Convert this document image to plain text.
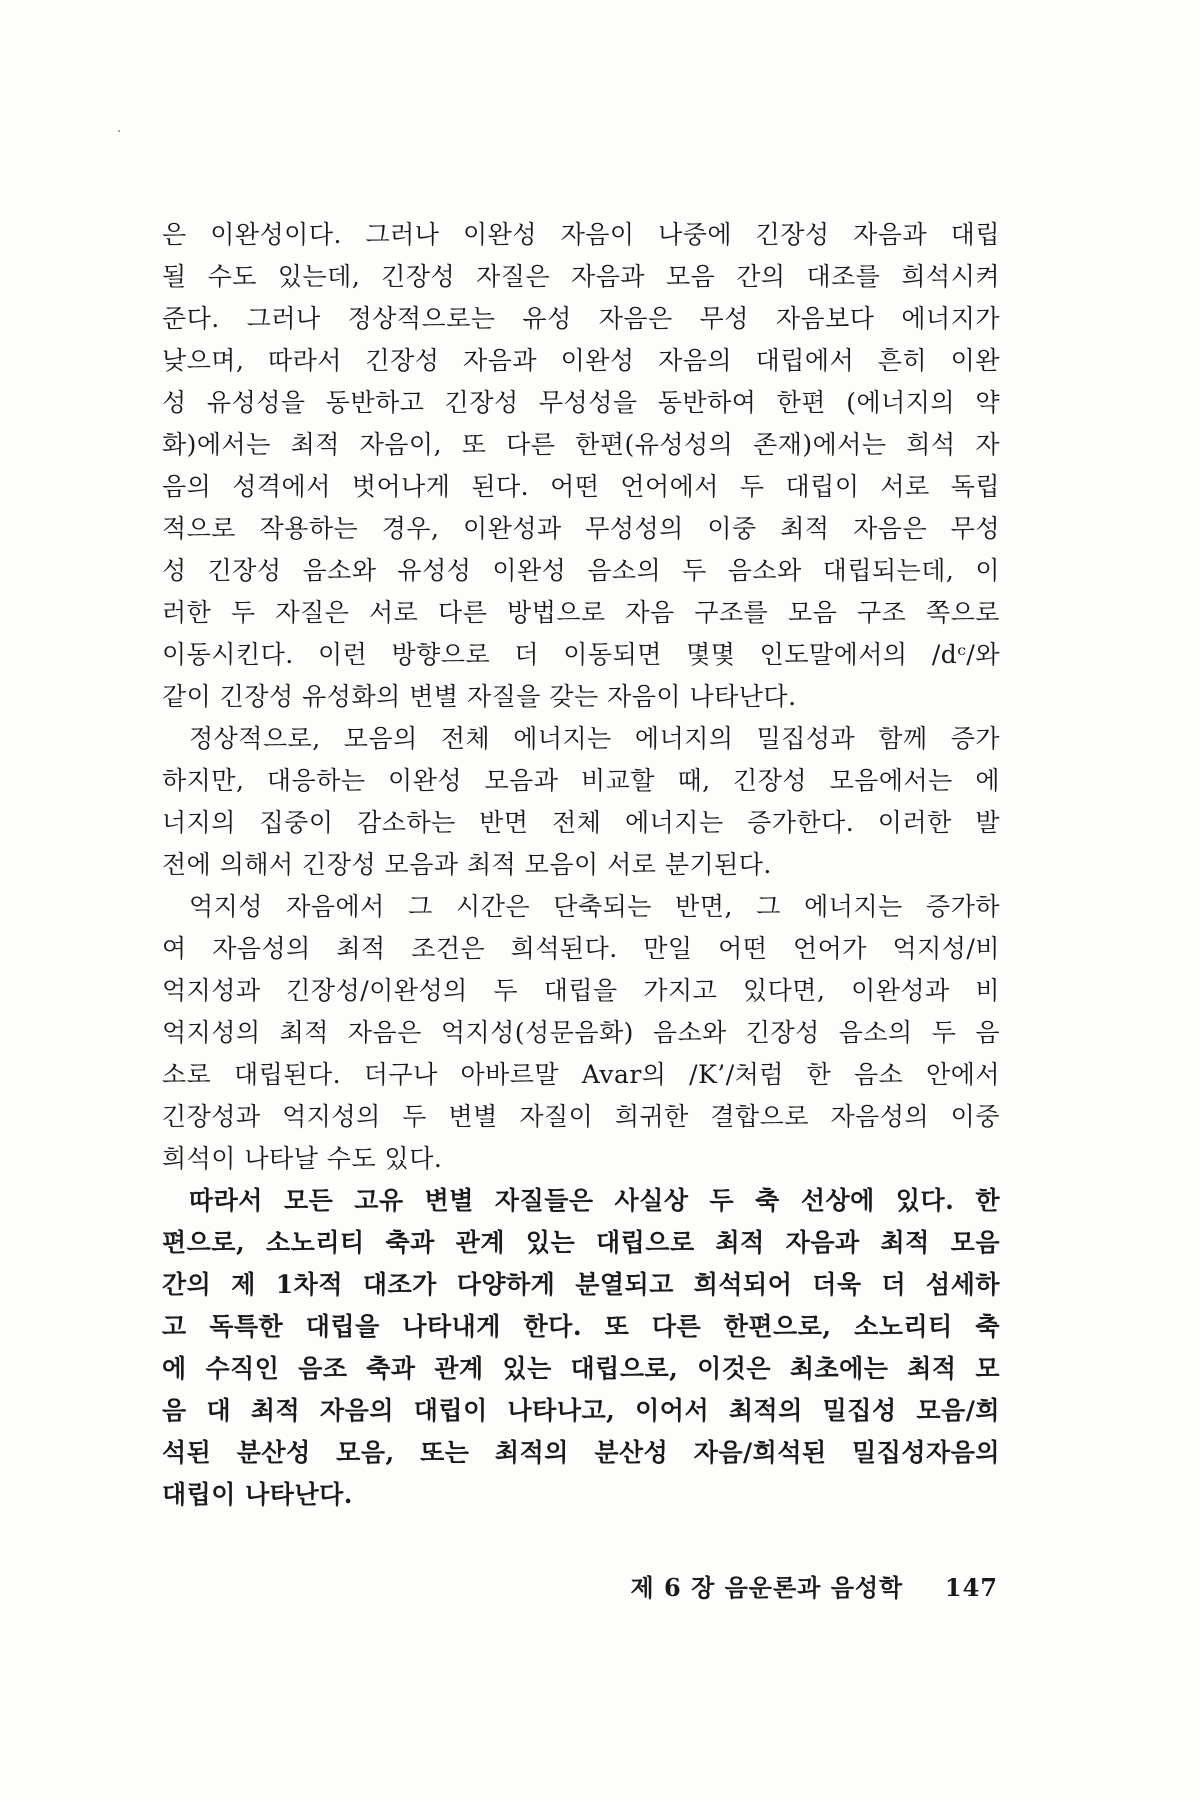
은 이완성이다. 그러나 이완성 자음이 나중에 긴장성 자음과 대립
될 수도 있는데, 긴장성 자질은 자음과 모음 간의 대조를 희석시켜
준다. 그러나 정상적으로는 유성 자음은 무성 자음보다 에너지가
낮으며, 따라서 긴장성 자음과 이완성 자음의 대립에서 흔히 이완
성 유성성을 동반하고 긴장성 무성성을 동반하여 한편 (에너지의 약
화)에서는 최적 자음이, 또 다른 한편(유성성의 존재)에서는 희석 자
음의 성격에서 벗어나게 된다. 어떤 언어에서 두 대립이 서로 독립
적으로 작용하는 경우, 이완성과 무성성의 이중 최적 자음은 무성
성 긴장성 음소와 유성성 이완성 음소의 두 음소와 대립되는데, 이
러한 두 자질은 서로 다른 방법으로 자음 구조를 모음 구조 쪽으로
이동시킨다. 이런 방향으로 더 이동되면 몇몇 인도말에서의 /dᶜ/와
같이 긴장성 유성화의 변별 자질을 갖는 자음이 나타난다.
정상적으로, 모음의 전체 에너지는 에너지의 밀집성과 함께 증가
하지만, 대응하는 이완성 모음과 비교할 때, 긴장성 모음에서는 에
너지의 집중이 감소하는 반면 전체 에너지는 증가한다. 이러한 발
전에 의해서 긴장성 모음과 최적 모음이 서로 분기된다.
억지성 자음에서 그 시간은 단축되는 반면, 그 에너지는 증가하
여 자음성의 최적 조건은 희석된다. 만일 어떤 언어가 억지성/비
억지성과 긴장성/이완성의 두 대립을 가지고 있다면, 이완성과 비
억지성의 최적 자음은 억지성(성문음화) 음소와 긴장성 음소의 두 음
소로 대립된다. 더구나 아바르말 Avar의 /K’/처럼 한 음소 안에서
긴장성과 억지성의 두 변별 자질이 희귀한 결합으로 자음성의 이중
희석이 나타날 수도 있다.
따라서 모든 고유 변별 자질들은 사실상 두 축 선상에 있다. 한
편으로, 소노리티 축과 관계 있는 대립으로 최적 자음과 최적 모음
간의 제 1차적 대조가 다양하게 분열되고 희석되어 더욱 더 섬세하
고 독특한 대립을 나타내게 한다. 또 다른 한편으로, 소노리티 축
에 수직인 음조 축과 관계 있는 대립으로, 이것은 최초에는 최적 모
음 대 최적 자음의 대립이 나타나고, 이어서 최적의 밀집성 모음/희
석된 분산성 모음, 또는 최적의 분산성 자음/희석된 밀집성자음의
대립이 나타난다.
제 6 장 음운론과 음성학 147
